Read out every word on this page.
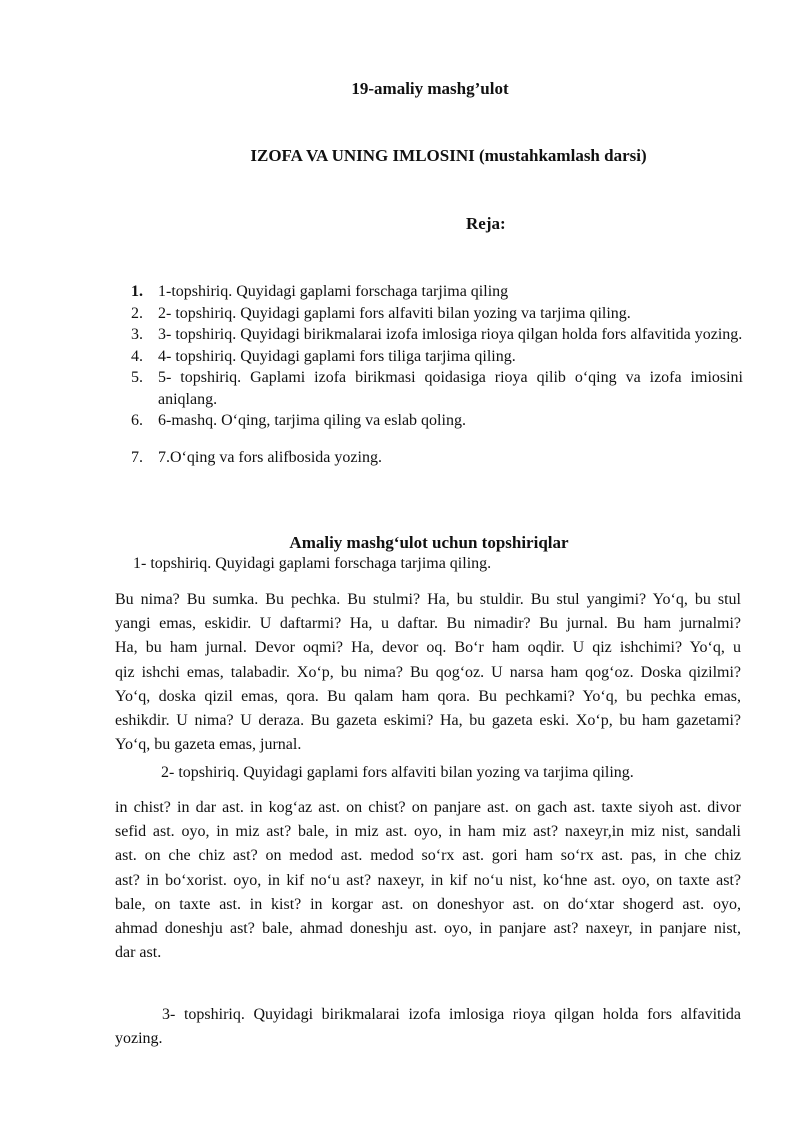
19-amaliy mashg’ulot

IZOFA VA UNING IMLOSINI (mustahkamlash darsi)

Reja:

1. 1-topshiriq. Quyidagi gaplami forschaga tarjima qiling
2. 2- topshiriq. Quyidagi gaplami fors alfaviti bilan yozing va tarjima qiling.
3. 3- topshiriq. Quyidagi birikmalarai izofa imlosiga rioya qilgan holda fors alfavitida yozing.
4. 4- topshiriq. Quyidagi gaplami fors tiliga tarjima qiling.
5. 5- topshiriq. Gaplami izofa birikmasi qoidasiga rioya qilib o‘qing va izofa imiosini aniqlang.
6. 6-mashq. O‘qing, tarjima qiling va eslab qoling.
7. 7.O‘qing va fors alifbosida yozing.

Amaliy mashg‘ulot uchun topshiriqlar

1- topshiriq. Quyidagi gaplami forschaga tarjima qiling.

Bu nima? Bu sumka. Bu pechka. Bu stulmi? Ha, bu stuldir. Bu stul yangimi? Yo‘q, bu stul
yangi emas, eskidir. U daftarmi? Ha, u daftar. Bu nimadir? Bu jurnal. Bu ham jurnalmi?
Ha, bu ham jurnal. Devor oqmi? Ha, devor oq. Bo‘r ham oqdir. U qiz ishchimi? Yo‘q, u
qiz ishchi emas, talabadir. Xo‘p, bu nima? Bu qog‘oz. U narsa ham qog‘oz. Doska qizilmi?
Yo‘q, doska qizil emas, qora. Bu qalam ham qora. Bu pechkami? Yo‘q, bu pechka emas,
eshikdir. U nima? U deraza. Bu gazeta eskimi? Ha, bu gazeta eski. Xo‘p, bu ham gazetami?
Yo‘q, bu gazeta emas, jurnal.

2- topshiriq. Quyidagi gaplami fors alfaviti bilan yozing va tarjima qiling.

in chist? in dar ast. in kog‘az ast. on chist? on panjare ast. on gach ast. taxte siyoh ast. divor
sefid ast. oyo, in miz ast? bale, in miz ast. oyo, in ham miz ast? naxeyr,in miz nist, sandali
ast. on che chiz ast? on medod ast. medod so‘rx ast. gori ham so‘rx ast. pas, in che chiz
ast? in bo‘xorist. oyo, in kif no‘u ast? naxeyr, in kif no‘u nist, ko‘hne ast. oyo, on taxte ast?
bale, on taxte ast. in kist? in korgar ast. on doneshyor ast. on do‘xtar shogerd ast. oyo,
ahmad doneshju ast? bale, ahmad doneshju ast. oyo, in panjare ast? naxeyr, in panjare nist,
dar ast.
3- topshiriq. Quyidagi birikmalarai izofa imlosiga rioya qilgan holda fors alfavitida
yozing.
